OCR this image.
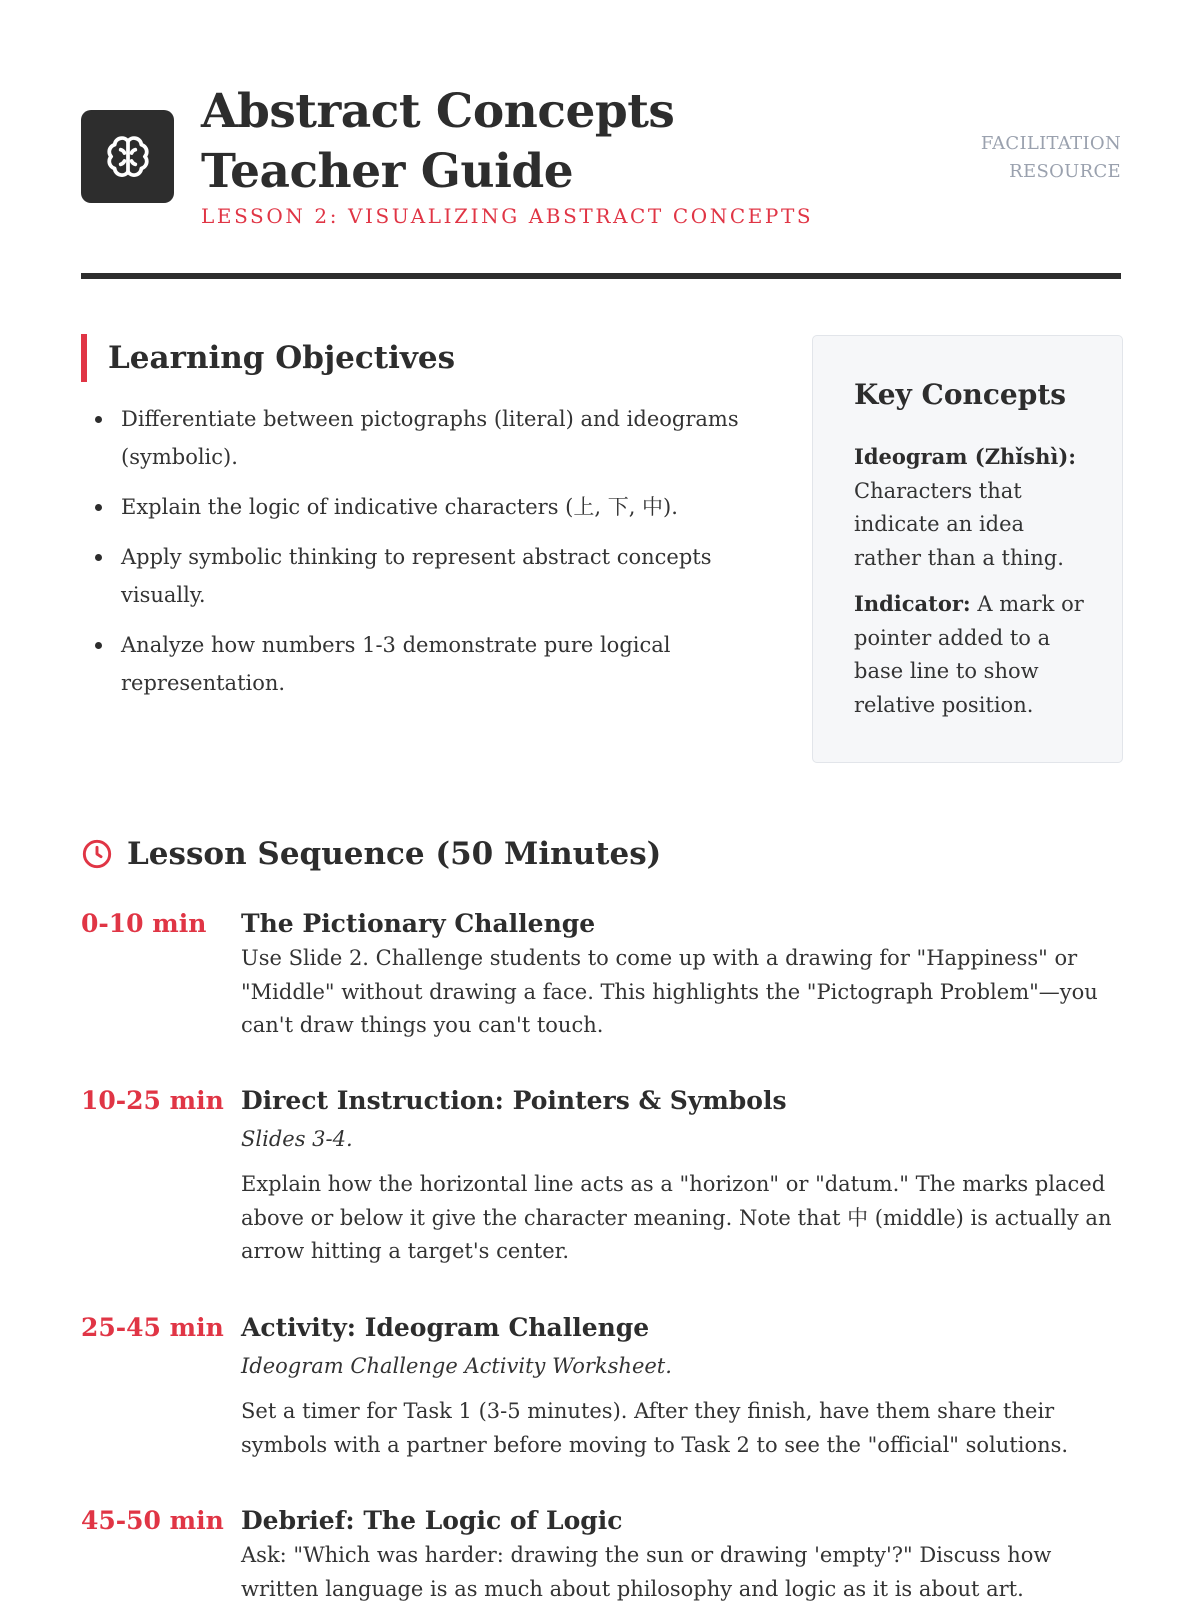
Abstract Concepts Teacher Guide
LESSON 2: VISUALIZING ABSTRACT CONCEPTS
FACILITATION
RESOURCE
Learning Objectives
Differentiate between pictographs (literal) and ideograms (symbolic).
Explain the logic of indicative characters (上, 下, 中).
Apply symbolic thinking to represent abstract concepts visually.
Analyze how numbers 1-3 demonstrate pure logical representation.
Key Concepts

Ideogram (Zhǐshì): Characters that indicate an idea rather than a thing.

Indicator: A mark or pointer added to a base line to show relative position.

Lesson Sequence (50 Minutes)
0-10 min The Pictionary Challenge

Use Slide 2. Challenge students to come up with a drawing for "Happiness" or "Middle" without drawing a face. This highlights the "Pictograph Problem"—you can't draw things you can't touch.

10-25 min Direct Instruction: Pointers & Symbols

Slides 3-4.

Explain how the horizontal line acts as a "horizon" or "datum." The marks placed above or below it give the character meaning. Note that 中 (middle) is actually an arrow hitting a target's center.

25-45 min Activity: Ideogram Challenge

Ideogram Challenge Activity Worksheet.

Set a timer for Task 1 (3-5 minutes). After they finish, have them share their symbols with a partner before moving to Task 2 to see the "official" solutions.

45-50 min Debrief: The Logic of Logic

Ask: "Which was harder: drawing the sun or drawing 'empty'?" Discuss how written language is as much about philosophy and logic as it is about art.
